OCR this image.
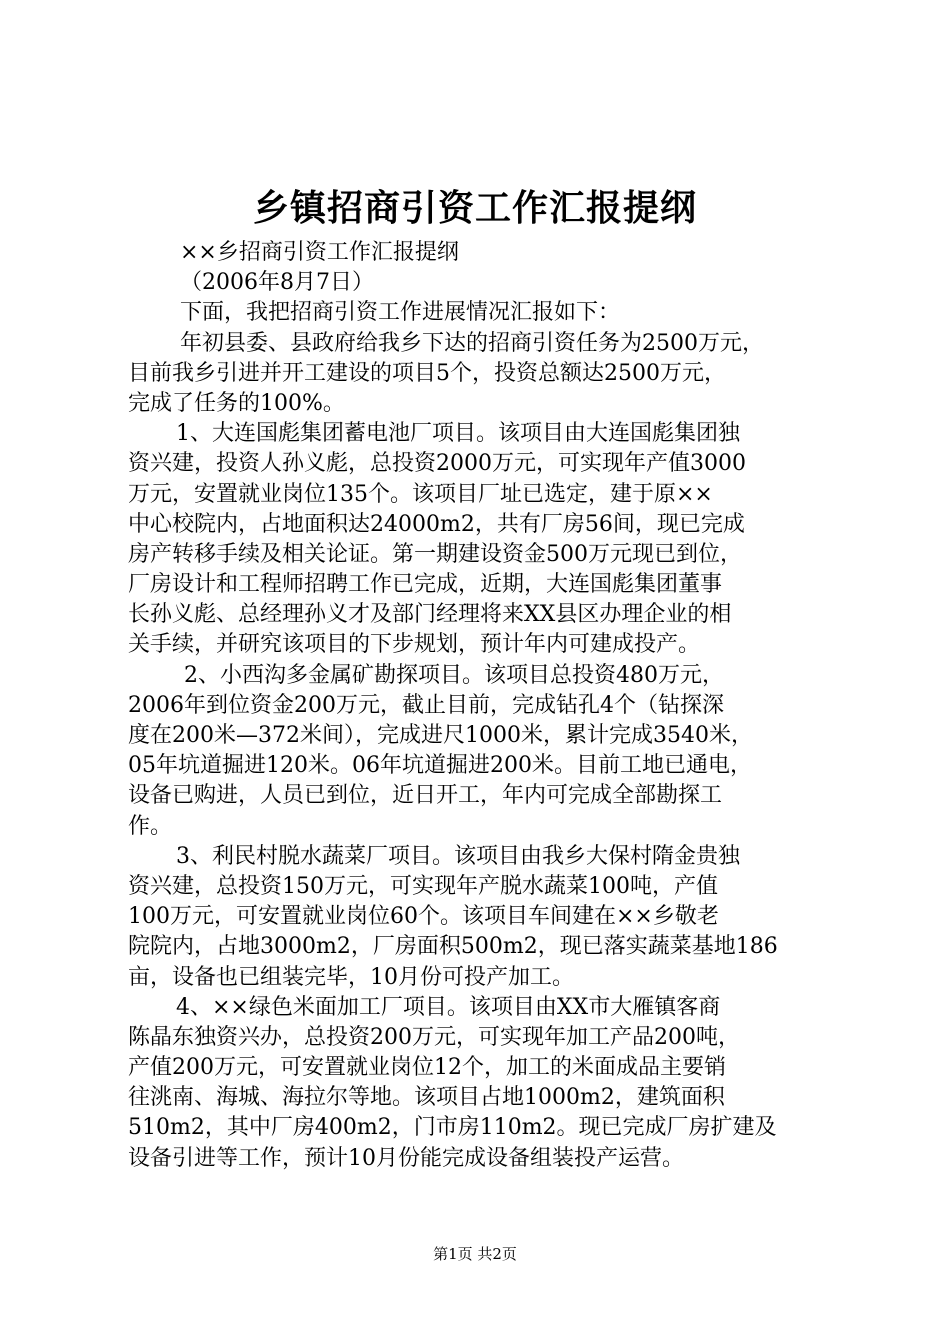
乡镇招商引资工作汇报提纲
××乡招商引资工作汇报提纲
（2006年8月7日）
下面，我把招商引资工作进展情况汇报如下：
年初县委、县政府给我乡下达的招商引资任务为2500万元，
目前我乡引进并开工建设的项目5个，投资总额达2500万元，
完成了任务的100%。
1、大连国彪集团蓄电池厂项目。该项目由大连国彪集团独
资兴建，投资人孙义彪，总投资2000万元，可实现年产值3000
万元，安置就业岗位135个。该项目厂址已选定，建于原××
中心校院内，占地面积达24000m2，共有厂房56间，现已完成
房产转移手续及相关论证。第一期建设资金500万元现已到位，
厂房设计和工程师招聘工作已完成，近期，大连国彪集团董事
长孙义彪、总经理孙义才及部门经理将来XX县区办理企业的相
关手续，并研究该项目的下步规划，预计年内可建成投产。
2、小西沟多金属矿勘探项目。该项目总投资480万元，
2006年到位资金200万元，截止目前，完成钻孔4个（钻探深
度在200米—372米间），完成进尺1000米，累计完成3540米，
05年坑道掘进120米。06年坑道掘进200米。目前工地已通电，
设备已购进，人员已到位，近日开工，年内可完成全部勘探工
作。
3、利民村脱水蔬菜厂项目。该项目由我乡大保村隋金贵独
资兴建，总投资150万元，可实现年产脱水蔬菜100吨，产值
100万元，可安置就业岗位60个。该项目车间建在××乡敬老
院院内，占地3000m2，厂房面积500m2，现已落实蔬菜基地186
亩，设备也已组装完毕，10月份可投产加工。
4、××绿色米面加工厂项目。该项目由XX市大雁镇客商
陈晶东独资兴办，总投资200万元，可实现年加工产品200吨，
产值200万元，可安置就业岗位12个，加工的米面成品主要销
往洮南、海城、海拉尔等地。该项目占地1000m2，建筑面积
510m2，其中厂房400m2，门市房110m2。现已完成厂房扩建及
设备引进等工作，预计10月份能完成设备组装投产运营。
第1页 共2页
